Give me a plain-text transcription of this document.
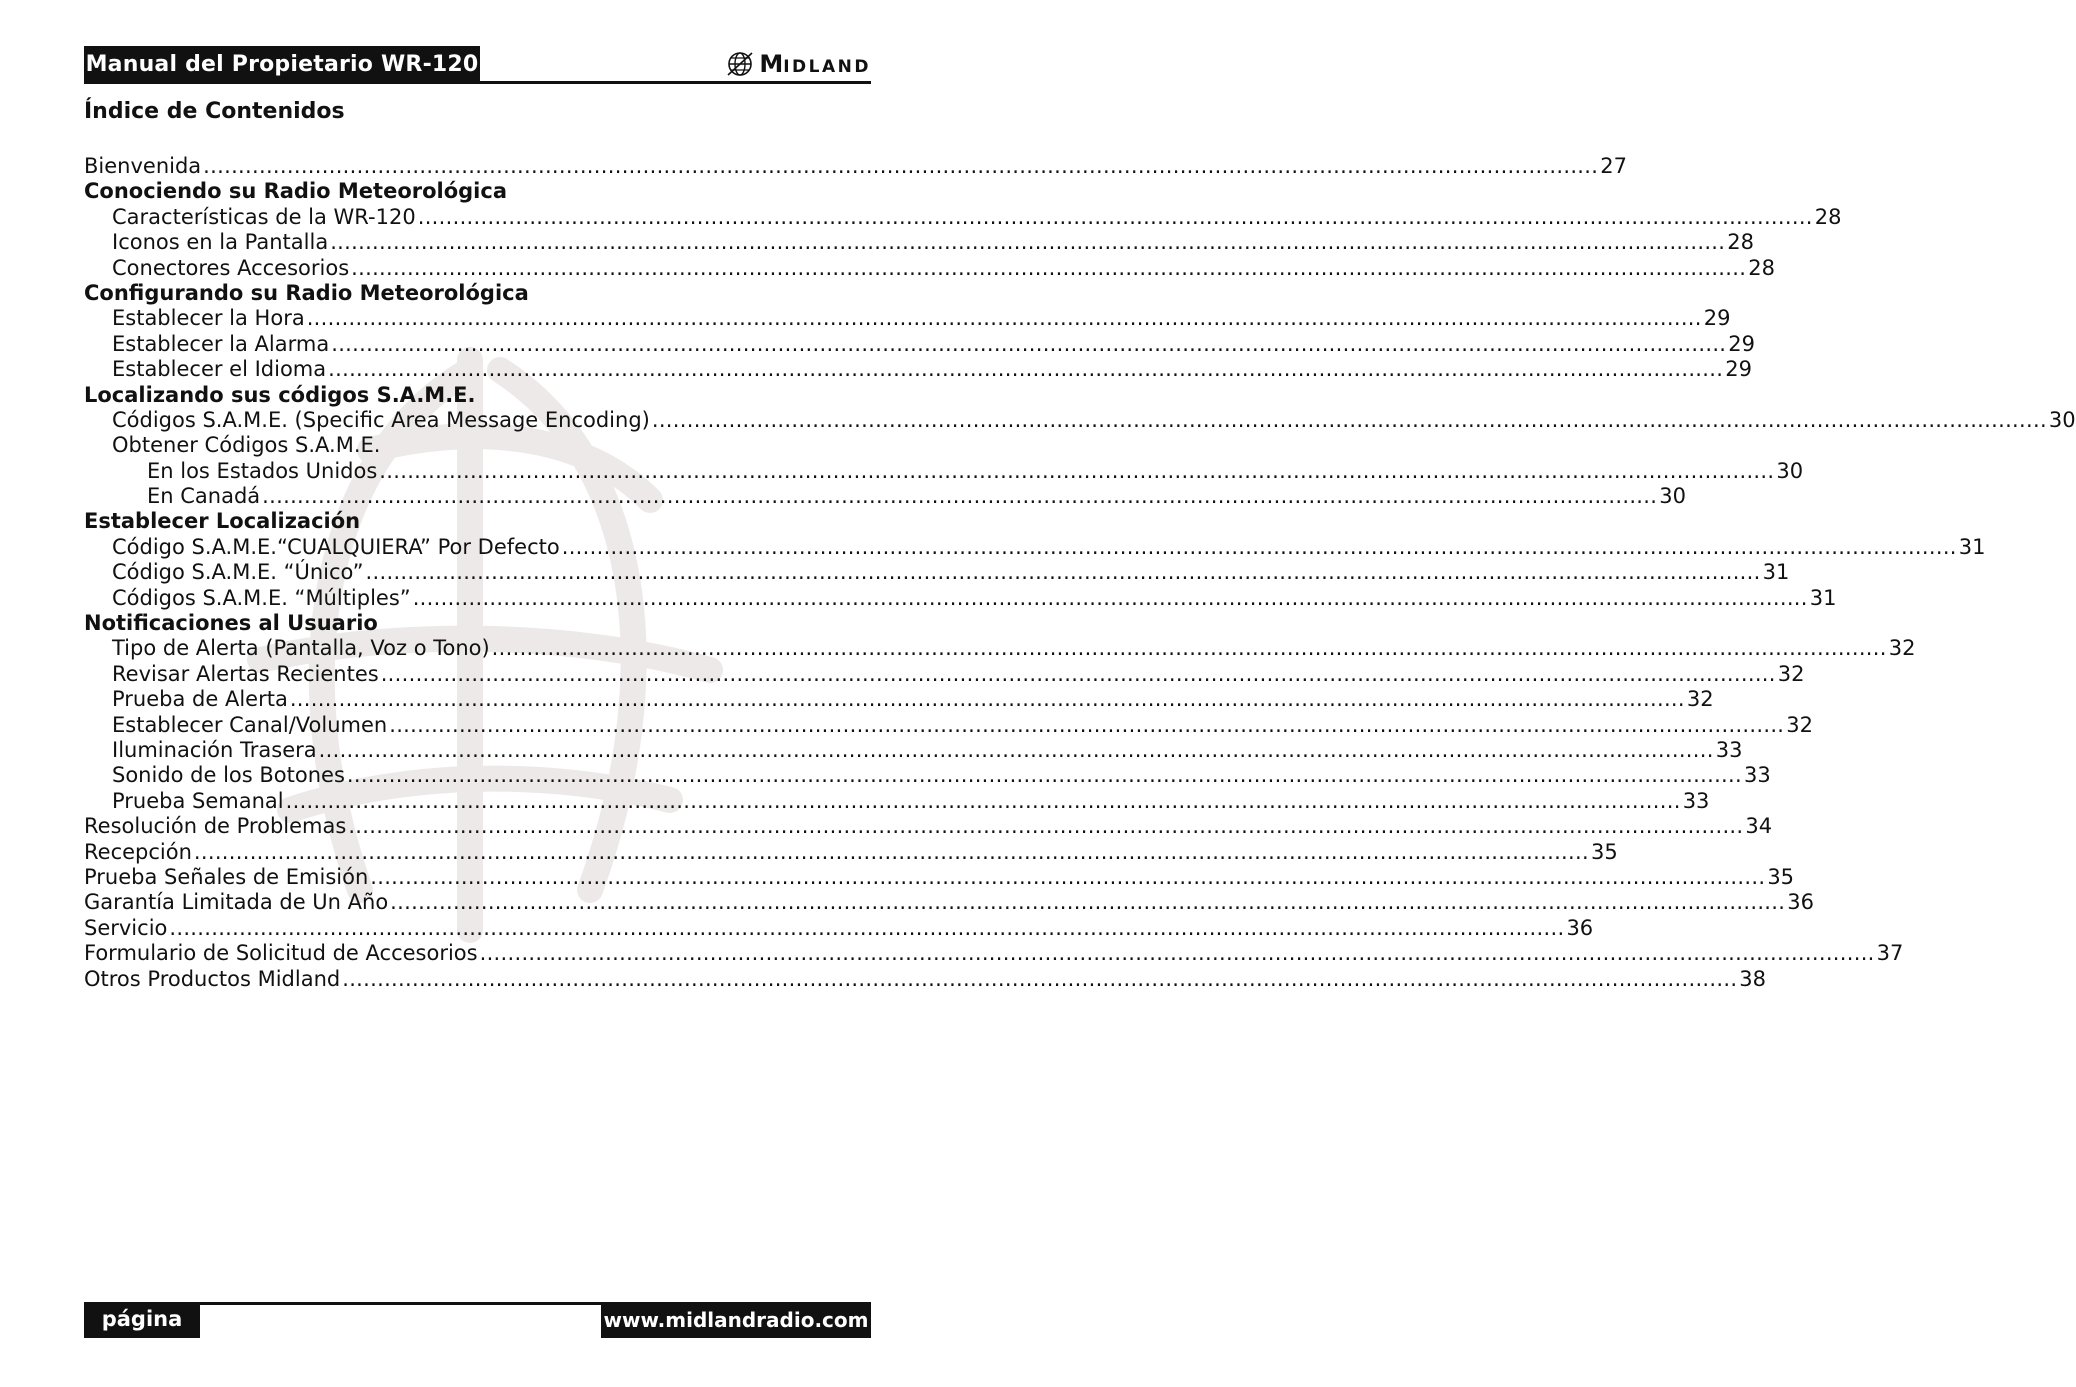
Manual del Propietario WR-120	MIDLAND
Índice de Contenidos
Bienvenida ........................................................................................................................................................................................................ 27
Conociendo su Radio Meteorológica
Características de la WR-120 ........................................................................................................................................................................................................ 28
Iconos en la Pantalla ........................................................................................................................................................................................................ 28
Conectores Accesorios ........................................................................................................................................................................................................ 28
Configurando su Radio Meteorológica
Establecer la Hora ........................................................................................................................................................................................................ 29
Establecer la Alarma ........................................................................................................................................................................................................ 29
Establecer el Idioma ........................................................................................................................................................................................................ 29
Localizando sus códigos S.A.M.E.
Códigos S.A.M.E. (Specific Area Message Encoding) ........................................................................................................................................................................................................ 30
Obtener Códigos S.A.M.E.
En los Estados Unidos ........................................................................................................................................................................................................ 30
En Canadá ........................................................................................................................................................................................................ 30
Establecer Localización
Código S.A.M.E.“CUALQUIERA” Por Defecto ........................................................................................................................................................................................................ 31
Código S.A.M.E. “Único” ........................................................................................................................................................................................................ 31
Códigos S.A.M.E. “Múltiples” ........................................................................................................................................................................................................ 31
Notificaciones al Usuario
Tipo de Alerta (Pantalla, Voz o Tono) ........................................................................................................................................................................................................ 32
Revisar Alertas Recientes ........................................................................................................................................................................................................ 32
Prueba de Alerta ........................................................................................................................................................................................................ 32
Establecer Canal/Volumen ........................................................................................................................................................................................................ 32
Iluminación Trasera ........................................................................................................................................................................................................ 33
Sonido de los Botones ........................................................................................................................................................................................................ 33
Prueba Semanal ........................................................................................................................................................................................................ 33
Resolución de Problemas ........................................................................................................................................................................................................ 34
Recepción ........................................................................................................................................................................................................ 35
Prueba Señales de Emisión ........................................................................................................................................................................................................ 35
Garantía Limitada de Un Año ........................................................................................................................................................................................................ 36
Servicio ........................................................................................................................................................................................................ 36
Formulario de Solicitud de Accesorios ........................................................................................................................................................................................................ 37
Otros Productos Midland ........................................................................................................................................................................................................ 38
página 26
www.midlandradio.com
